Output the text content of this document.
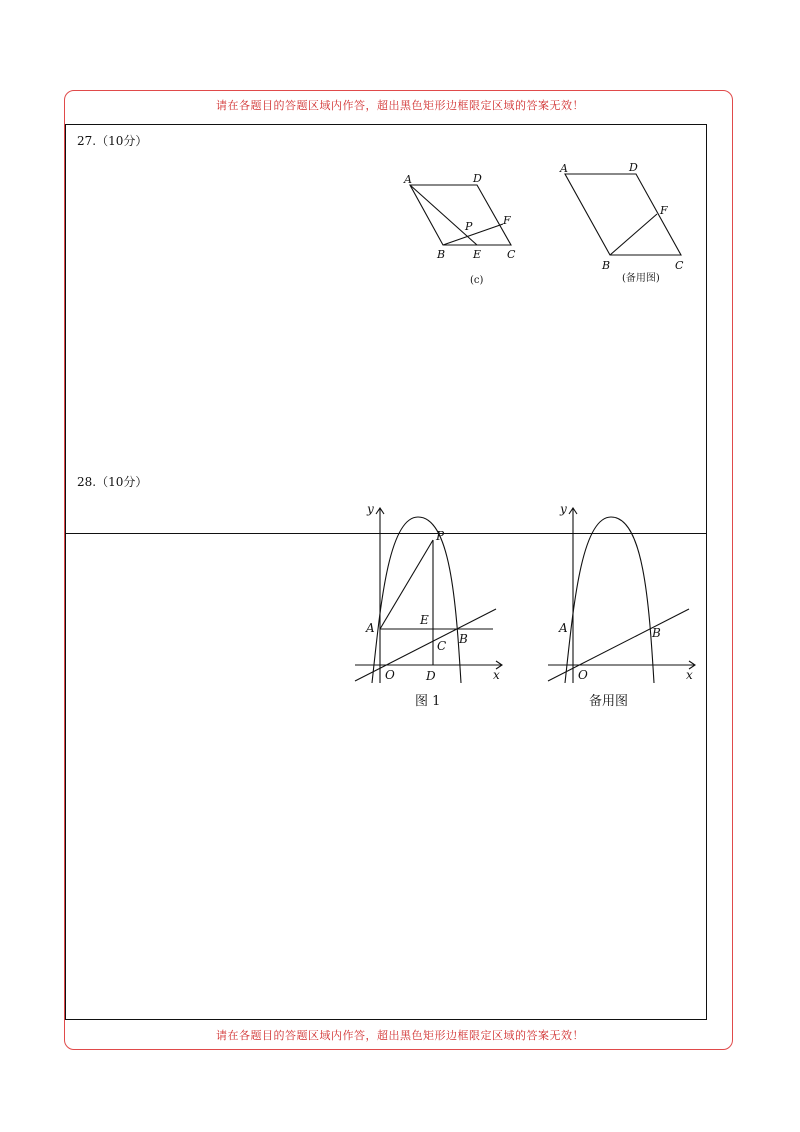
请在各题目的答题区域内作答，超出黑色矩形边框限定区域的答案无效！
请在各题目的答题区域内作答，超出黑色矩形边框限定区域的答案无效！
27.（10分）
28.（10分）
A	D
B	C
E
F
P
(c)
A	D
B	C
F
(备用图)
y
x
O
A
B
C
D
E
P
图 1
y
x
O
A	B
备用图
